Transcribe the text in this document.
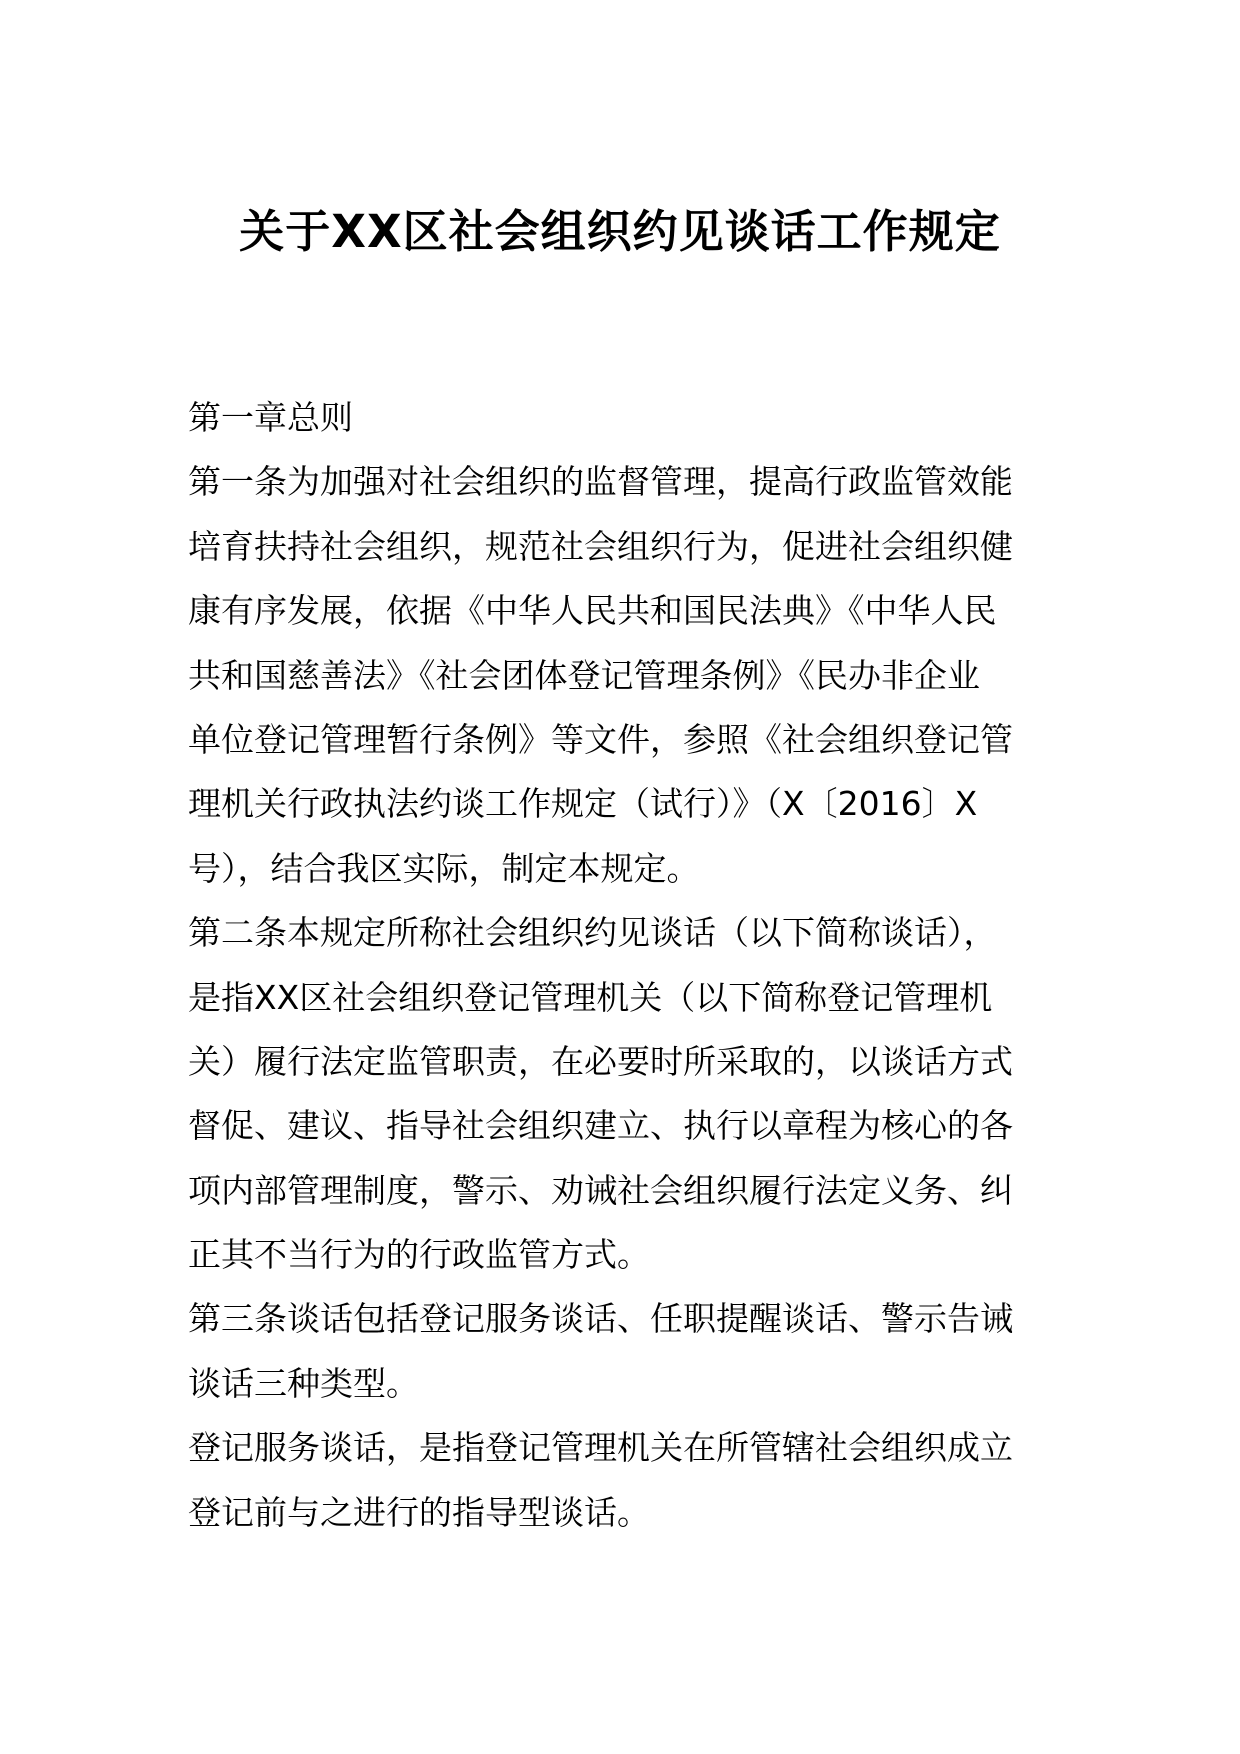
关于XX区社会组织约见谈话工作规定
第一章总则
第一条为加强对社会组织的监督管理，提高行政监管效能
培育扶持社会组织，规范社会组织行为，促进社会组织健
康有序发展，依据《中华人民共和国民法典》《中华人民
共和国慈善法》《社会团体登记管理条例》《民办非企业
单位登记管理暂行条例》等文件，参照《社会组织登记管
理机关行政执法约谈工作规定（试行）》（X〔2016〕X
号），结合我区实际，制定本规定。
第二条本规定所称社会组织约见谈话（以下简称谈话），
是指XX区社会组织登记管理机关（以下简称登记管理机
关）履行法定监管职责，在必要时所采取的，以谈话方式
督促、建议、指导社会组织建立、执行以章程为核心的各
项内部管理制度，警示、劝诫社会组织履行法定义务、纠
正其不当行为的行政监管方式。
第三条谈话包括登记服务谈话、任职提醒谈话、警示告诫
谈话三种类型。
登记服务谈话，是指登记管理机关在所管辖社会组织成立
登记前与之进行的指导型谈话。
